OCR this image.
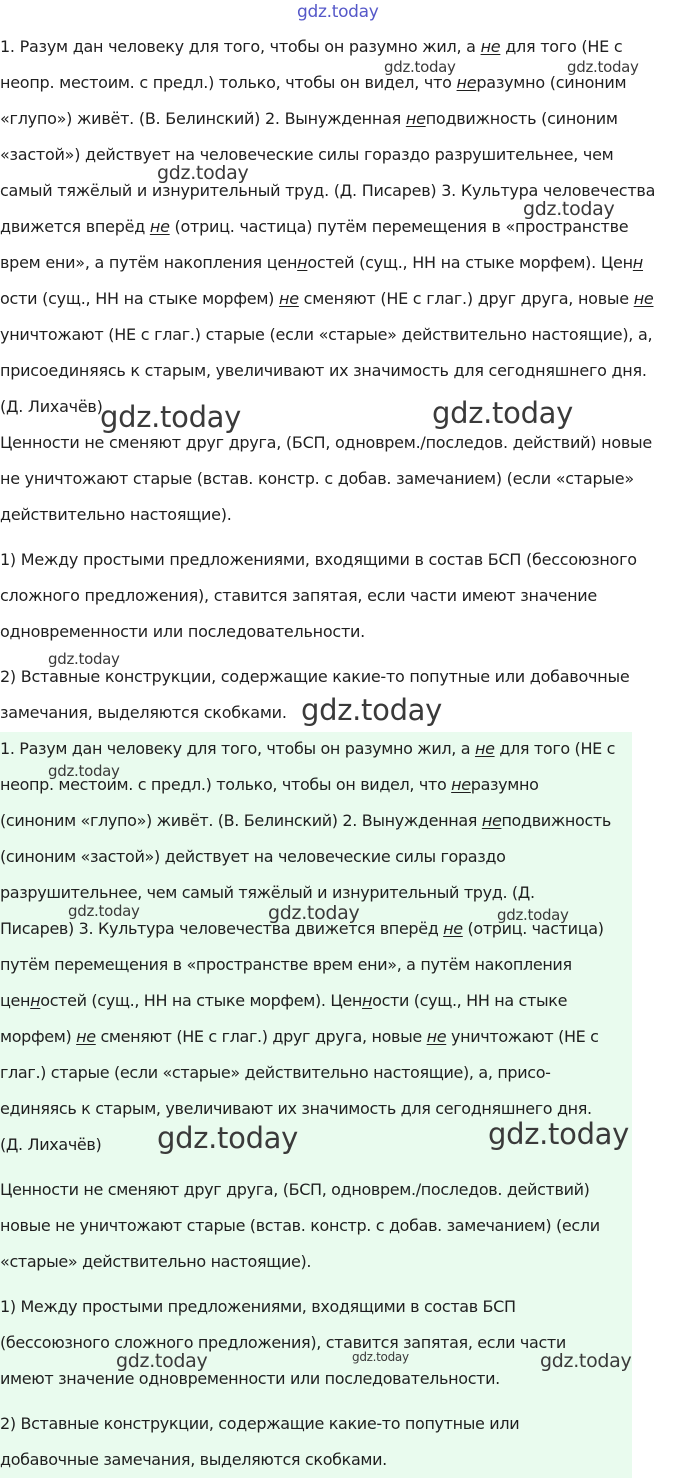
gdz.today

1. Разум дан человеку для того, чтобы он разумно жил, а не для того (НЕ с

неопр. местоим. с предл.) только, чтобы он видел, что неразумно (синоним

«глупо») живёт. (В. Белинский) 2. Вынужденная неподвижность (синоним

«застой») действует на человеческие силы гораздо разрушительнее, чем

самый тяжёлый и изнурительный труд. (Д. Писарев) 3. Культура человечества

движется вперёд не (отриц. частица) путём перемещения в «пространстве

врем ени», а путём накопления ценностей (сущ., НН на стыке морфем). Ценн

ости (сущ., НН на стыке морфем) не сменяют (НЕ с глаг.) друг друга, новые не

уничтожают (НЕ с глаг.) старые (если «старые» действительно настоящие), а,

присоединяясь к старым, увеличивают их значимость для сегодняшнего дня.

(Д. Лихачёв)

Ценности не сменяют друг друга, (БСП, одноврем./последов. действий) новые

не уничтожают старые (встав. констр. с добав. замечанием) (если «старые»

действительно настоящие).

1) Между простыми предложениями, входящими в состав БСП (бессоюзного

сложного предложения), ставится запятая, если части имеют значение

одновременности или последовательности.

2) Вставные конструкции, содержащие какие-то попутные или добавочные

замечания, выделяются скобками.

1. Разум дан человеку для того, чтобы он разумно жил, а не для того (НЕ с

неопр. местоим. с предл.) только, чтобы он видел, что неразумно

(синоним «глупо») живёт. (В. Белинский) 2. Вынужденная неподвижность

(синоним «застой») действует на человеческие силы гораздо

разрушительнее, чем самый тяжёлый и изнурительный труд. (Д.

Писарев) 3. Культура человечества движется вперёд не (отриц. частица)

путём перемещения в «пространстве врем ени», а путём накопления

ценностей (сущ., НН на стыке морфем). Ценности (сущ., НН на стыке

морфем) не сменяют (НЕ с глаг.) друг друга, новые не уничтожают (НЕ с

глаг.) старые (если «старые» действительно настоящие), а, присо-

единяясь к старым, увеличивают их значимость для сегодняшнего дня.

(Д. Лихачёв)

Ценности не сменяют друг друга, (БСП, одноврем./последов. действий)

новые не уничтожают старые (встав. констр. с добав. замечанием) (если

«старые» действительно настоящие).

1) Между простыми предложениями, входящими в состав БСП

(бессоюзного сложного предложения), ставится запятая, если части

имеют значение одновременности или последовательности.

2) Вставные конструкции, содержащие какие-то попутные или

добавочные замечания, выделяются скобками.

gdz.today	gdz.today
gdz.today
gdz.today
gdz.today	gdz.today
gdz.today
gdz.today
gdz.today
gdz.today	gdz.today	gdz.today
gdz.today	gdz.today
gdz.today	gdz.today	gdz.today
